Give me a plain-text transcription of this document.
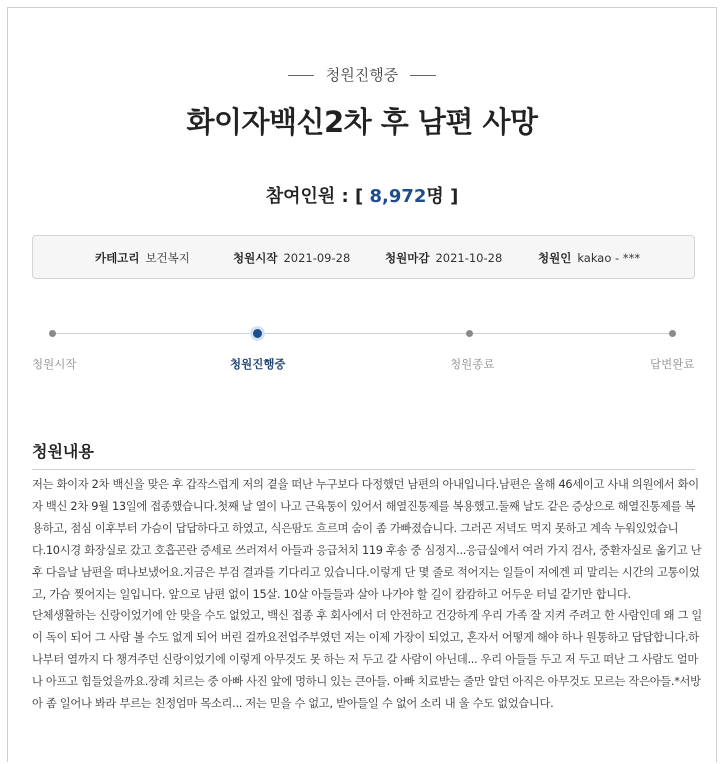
청원진행중
화이자백신2차 후 남편 사망
참여인원 : [ 8,972명 ]
카테고리 보건복지	청원시작 2021-09-28	청원마감 2021-10-28	청원인 kakao - ***
청원시작	청원진행중	청원종료	답변완료
청원내용

저는 화이자 2차 백신을 맞은 후 갑작스럽게 저의 곁을 떠난 누구보다 다정했던 남편의 아내입니다.남편은 올해 46세이고 사내 의원에서 화이자 백신 2차 9월 13일에 접종했습니다.첫째 날 열이 나고 근육통이 있어서 해열진통제를 복용했고.둘째 날도 같은 증상으로 해열진통제를 복용하고, 점심 이후부터 가슴이 답답하다고 하였고, 식은땀도 흐르며 숨이 좀 가빠졌습니다. 그러곤 저녁도 먹지 못하고 계속 누워있었습니다.10시경 화장실로 갔고 호흡곤란 증세로 쓰러져서 아들과 응급처치 119 후송 중 심정지...응급실에서 여러 가지 검사, 중환자실로 옮기고 난 후 다음날 남편을 떠나보냈어요.지금은 부검 결과를 기다리고 있습니다.이렇게 단 몇 줄로 적어지는 일들이 저에겐 피 말리는 시간의 고통이었고, 가슴 찢어지는 일입니다. 앞으로 남편 없이 15살. 10살 아들들과 살아 나가야 할 길이 캄캄하고 어두운 터널 같기만 합니다.

단체생활하는 신랑이었기에 안 맞을 수도 없었고, 백신 접종 후 회사에서 더 안전하고 건강하게 우리 가족 잘 지켜 주려고 한 사람인데 왜 그 일이 독이 되어 그 사람 볼 수도 없게 되어 버린 걸까요전업주부였던 저는 이제 가장이 되었고, 혼자서 어떻게 해야 하나 원통하고 답답합니다.하나부터 열까지 다 챙겨주던 신랑이었기에 이렇게 아무것도 못 하는 저 두고 갈 사람이 아닌데... 우리 아들들 두고 저 두고 떠난 그 사람도 얼마나 아프고 힘들었을까요.장례 치르는 중 아빠 사진 앞에 멍하니 있는 큰아들. 아빠 치료받는 줄만 알던 아직은 아무것도 모르는 작은아들.*서방아 좀 일어나 봐라 부르는 친정엄마 목소리... 저는 믿을 수 없고, 받아들일 수 없어 소리 내 울 수도 없었습니다.
